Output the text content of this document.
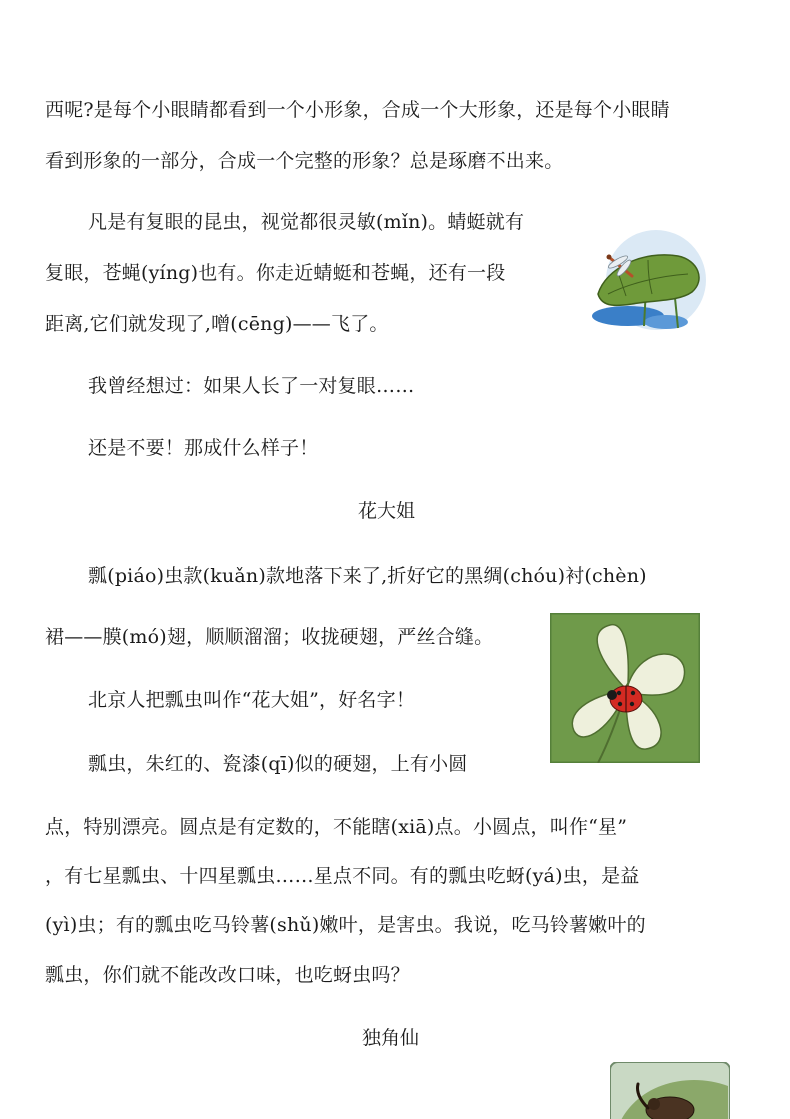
西呢?是每个小眼睛都看到一个小形象，合成一个大形象，还是每个小眼睛
看到形象的一部分，合成一个完整的形象？总是琢磨不出来。
凡是有复眼的昆虫，视觉都很灵敏(mǐn)。蜻蜓就有
复眼，苍蝇(yíng)也有。你走近蜻蜓和苍蝇，还有一段
距离,它们就发现了,噌(cēng)——飞了。
我曾经想过：如果人长了一对复眼……
还是不要！那成什么样子！
花大姐
瓢(piáo)虫款(kuǎn)款地落下来了,折好它的黑绸(chóu)衬(chèn)
裙——膜(mó)翅，顺顺溜溜；收拢硬翅，严丝合缝。
北京人把瓢虫叫作“花大姐”，好名字！
瓢虫，朱红的、瓷漆(qī)似的硬翅，上有小圆
点，特别漂亮。圆点是有定数的，不能瞎(xiā)点。小圆点，叫作“星”
，有七星瓢虫、十四星瓢虫……星点不同。有的瓢虫吃蚜(yá)虫，是益
(yì)虫；有的瓢虫吃马铃薯(shǔ)嫩叶，是害虫。我说，吃马铃薯嫩叶的
瓢虫，你们就不能改改口味，也吃蚜虫吗？
独角仙
